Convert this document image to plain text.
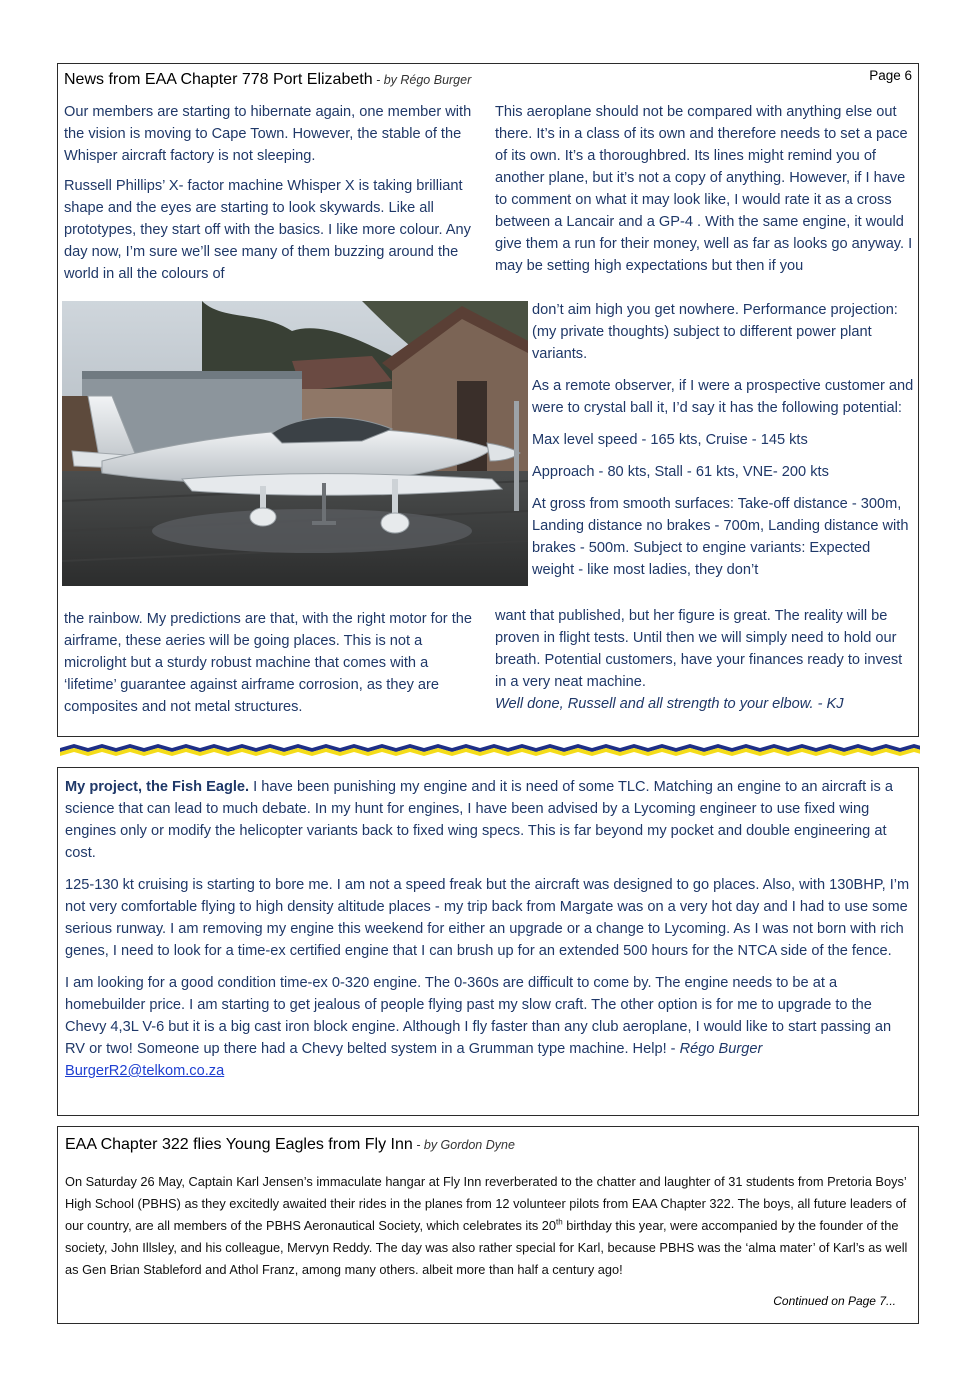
News from EAA Chapter 778 Port Elizabeth - by Régo Burger	Page 6

Our members are starting to hibernate again, one member with the vision is moving to Cape Town. However, the stable of the Whisper aircraft factory is not sleeping.

Russell Phillips’ X- factor machine Whisper X is taking brilliant shape and the eyes are starting to look skywards. Like all prototypes, they start off with the basics. I like more colour. Any day now, I’m sure we’ll see many of them buzzing around the world in all the colours of

the rainbow. My predictions are that, with the right motor for the airframe, these aeries will be going places. This is not a microlight but a sturdy robust machine that comes with a ‘lifetime’ guarantee against airframe corrosion, as they are composites and not metal structures.

This aeroplane should not be compared with anything else out there. It’s in a class of its own and therefore needs to set a pace of its own. It’s a thoroughbred. Its lines might remind you of another plane, but it’s not a copy of anything. However, if I have to comment on what it may look like, I would rate it as a cross between a Lancair and a GP-4 . With the same engine, it would give them a run for their money, well as far as looks go anyway. I may be setting high expectations but then if you

don’t aim high you get nowhere. Performance projection: (my private thoughts) subject to different power plant variants.

As a remote observer, if I were a prospective customer and were to crystal ball it, I’d say it has the following potential:

Max level speed - 165 kts, Cruise - 145 kts

Approach - 80 kts, Stall - 61 kts, VNE- 200 kts

At gross from smooth surfaces: Take-off distance - 300m, Landing distance no brakes - 700m, Landing distance with brakes - 500m. Subject to engine variants: Expected weight - like most ladies, they don’t

want that published, but her figure is great. The reality will be proven in flight tests. Until then we will simply need to hold our breath. Potential customers, have your finances ready to invest in a very neat machine.

Well done, Russell and all strength to your elbow. - KJ

My project, the Fish Eagle. I have been punishing my engine and it is need of some TLC. Matching an engine to an aircraft is a science that can lead to much debate. In my hunt for engines, I have been advised by a Lycoming engineer to use fixed wing engines only or modify the helicopter variants back to fixed wing specs. This is far beyond my pocket and double engineering at cost.

125-130 kt cruising is starting to bore me. I am not a speed freak but the aircraft was designed to go places. Also, with 130BHP, I’m not very comfortable flying to high density altitude places - my trip back from Margate was on a very hot day and I had to use some serious runway. I am removing my engine this weekend for either an upgrade or a change to Lycoming. As I was not born with rich genes, I need to look for a time-ex certified engine that I can brush up for an extended 500 hours for the NTCA side of the fence.

I am looking for a good condition time-ex 0-320 engine. The 0-360s are difficult to come by. The engine needs to be at a homebuilder price. I am starting to get jealous of people flying past my slow craft. The other option is for me to upgrade to the Chevy 4,3L V-6 but it is a big cast iron block engine. Although I fly faster than any club aeroplane, I would like to start passing an RV or two! Someone up there had a Chevy belted system in a Grumman type machine. Help! - Régo Burger BurgerR2@telkom.co.za

EAA Chapter 322 flies Young Eagles from Fly Inn - by Gordon Dyne

On Saturday 26 May, Captain Karl Jensen’s immaculate hangar at Fly Inn reverberated to the chatter and laughter of 31 students from Pretoria Boys’ High School (PBHS) as they excitedly awaited their rides in the planes from 12 volunteer pilots from EAA Chapter 322. The boys, all future leaders of our country, are all members of the PBHS Aeronautical Society, which celebrates its 20th birthday this year, were accompanied by the founder of the society, John Illsley, and his colleague, Mervyn Reddy. The day was also rather special for Karl, because PBHS was the ‘alma mater’ of Karl’s as well as Gen Brian Stableford and Athol Franz, among many others. albeit more than half a century ago!

Continued on Page 7...
